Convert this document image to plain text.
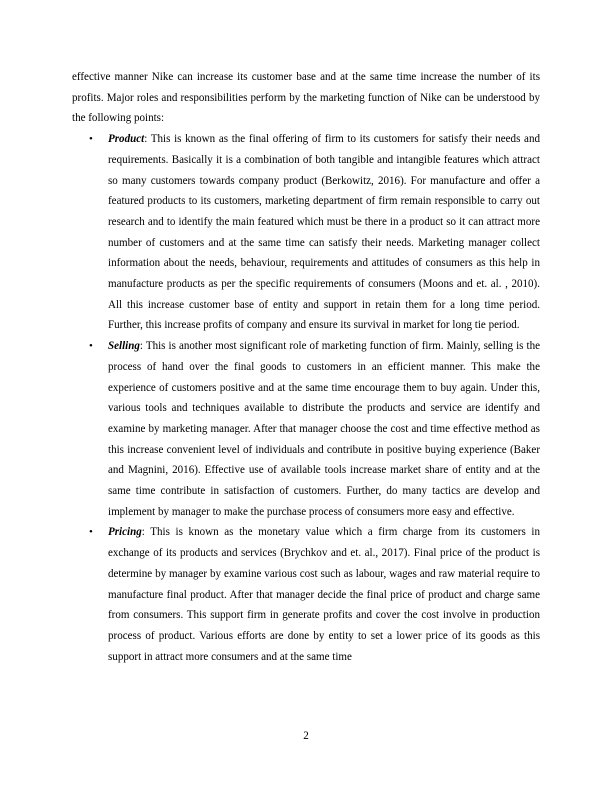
effective manner Nike can increase its customer base and at the same time increase the number of its profits. Major roles and responsibilities perform by the marketing function of Nike can be understood by the following points:

• Product: This is known as the final offering of firm to its customers for satisfy their needs and requirements. Basically it is a combination of both tangible and intangible features which attract so many customers towards company product (Berkowitz, 2016). For manufacture and offer a featured products to its customers, marketing department of firm remain responsible to carry out research and to identify the main featured which must be there in a product so it can attract more number of customers and at the same time can satisfy their needs. Marketing manager collect information about the needs, behaviour, requirements and attitudes of consumers as this help in manufacture products as per the specific requirements of consumers (Moons and et. al. , 2010). All this increase customer base of entity and support in retain them for a long time period. Further, this increase profits of company and ensure its survival in market for long tie period.
• Selling: This is another most significant role of marketing function of firm. Mainly, selling is the process of hand over the final goods to customers in an efficient manner. This make the experience of customers positive and at the same time encourage them to buy again. Under this, various tools and techniques available to distribute the products and service are identify and examine by marketing manager. After that manager choose the cost and time effective method as this increase convenient level of individuals and contribute in positive buying experience (Baker and Magnini, 2016). Effective use of available tools increase market share of entity and at the same time contribute in satisfaction of customers. Further, do many tactics are develop and implement by manager to make the purchase process of consumers more easy and effective.
• Pricing: This is known as the monetary value which a firm charge from its customers in exchange of its products and services (Brychkov and et. al., 2017). Final price of the product is determine by manager by examine various cost such as labour, wages and raw material require to manufacture final product. After that manager decide the final price of product and charge same from consumers. This support firm in generate profits and cover the cost involve in production process of product. Various efforts are done by entity to set a lower price of its goods as this support in attract more consumers and at the same time
2
